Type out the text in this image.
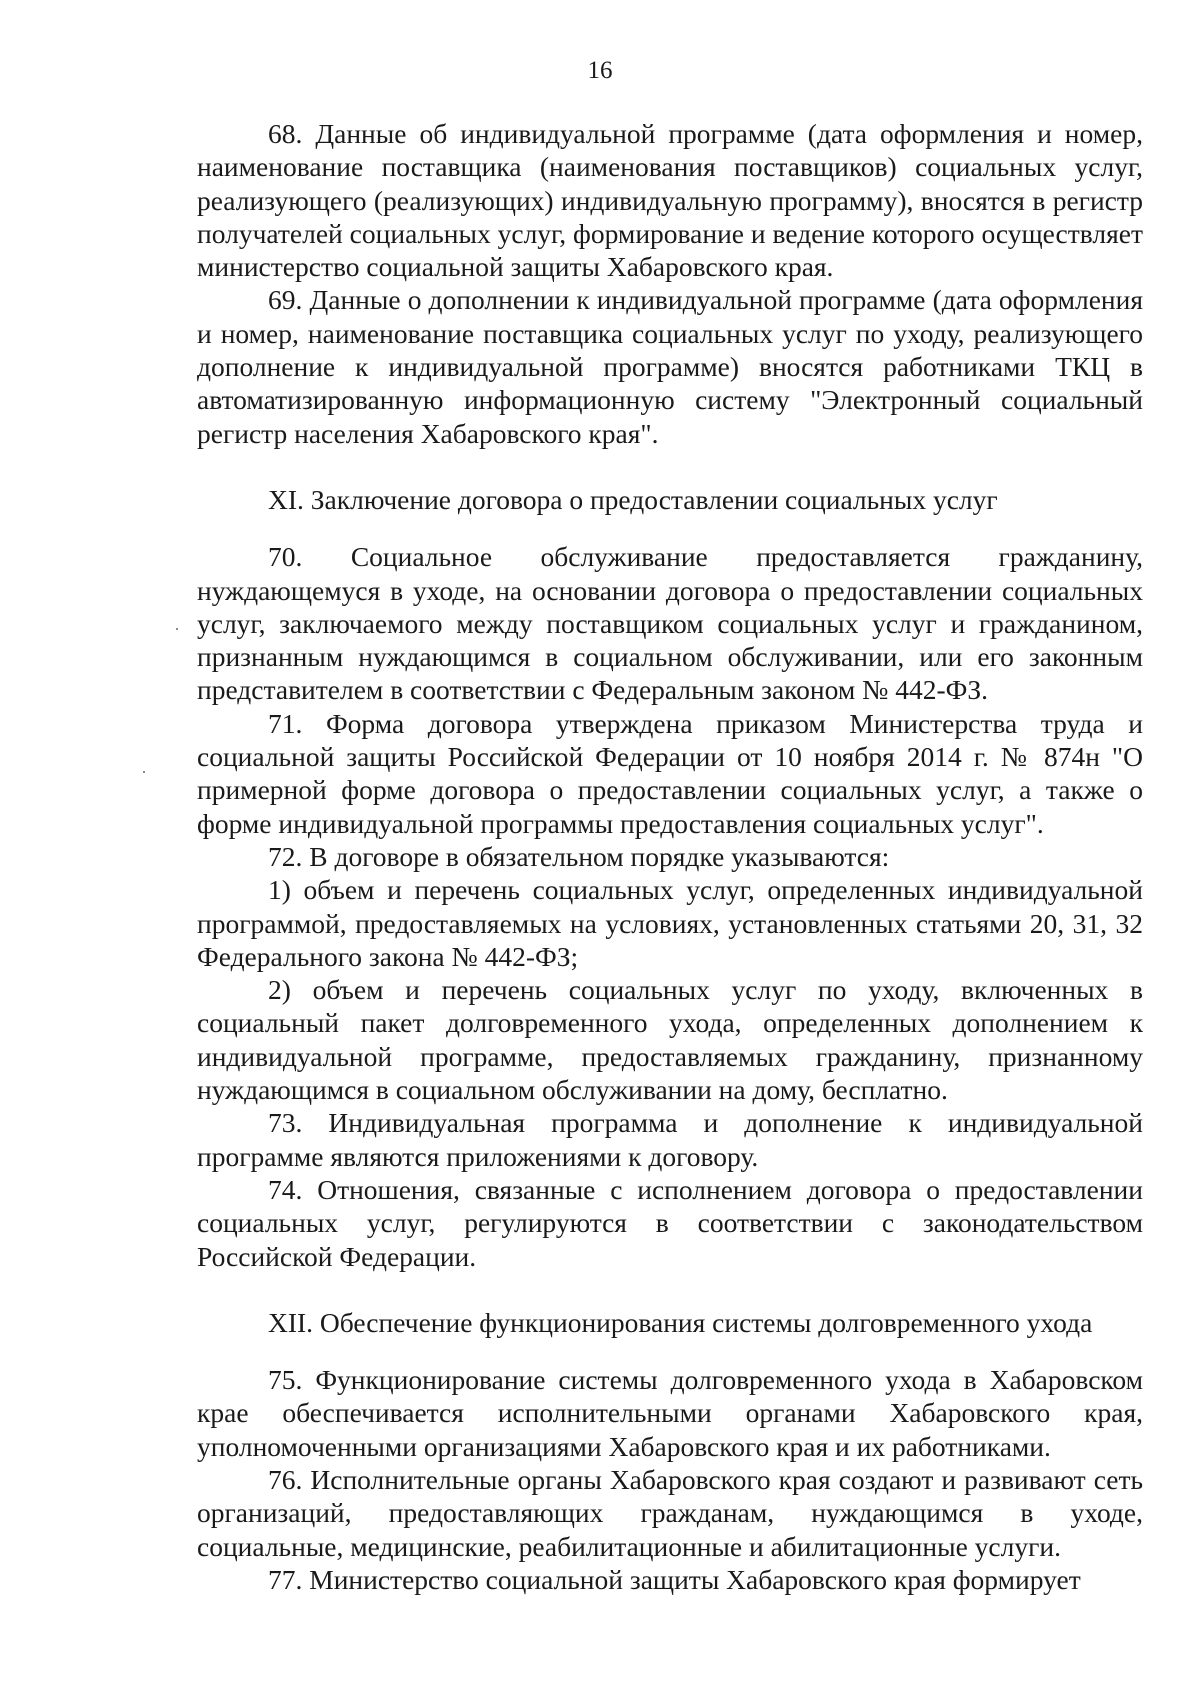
16

68. Данные об индивидуальной программе (дата оформления и номер, наименование поставщика (наименования поставщиков) социальных услуг, реализующего (реализующих) индивидуальную программу), вносятся в регистр получателей социальных услуг, формирование и ведение которого осуществляет министерство социальной защиты Хабаровского края.

69. Данные о дополнении к индивидуальной программе (дата оформления и номер, наименование поставщика социальных услуг по уходу, реализующего дополнение к индивидуальной программе) вносятся работниками ТКЦ в автоматизированную информационную систему "Электронный социальный регистр населения Хабаровского края".

XI. Заключение договора о предоставлении социальных услуг

70. Социальное обслуживание предоставляется гражданину, нуждающемуся в уходе, на основании договора о предоставлении социальных услуг, заключаемого между поставщиком социальных услуг и гражданином, признанным нуждающимся в социальном обслуживании, или его законным представителем в соответствии с Федеральным законом № 442-ФЗ.

71. Форма договора утверждена приказом Министерства труда и социальной защиты Российской Федерации от 10 ноября 2014 г. № 874н "О примерной форме договора о предоставлении социальных услуг, а также о форме индивидуальной программы предоставления социальных услуг".

72. В договоре в обязательном порядке указываются:

1) объем и перечень социальных услуг, определенных индивидуальной программой, предоставляемых на условиях, установленных статьями 20, 31, 32 Федерального закона № 442-ФЗ;

2) объем и перечень социальных услуг по уходу, включенных в социальный пакет долговременного ухода, определенных дополнением к индивидуальной программе, предоставляемых гражданину, признанному нуждающимся в социальном обслуживании на дому, бесплатно.

73. Индивидуальная программа и дополнение к индивидуальной программе являются приложениями к договору.

74. Отношения, связанные с исполнением договора о предоставлении социальных услуг, регулируются в соответствии с законодательством Российской Федерации.

XII. Обеспечение функционирования системы долговременного ухода

75. Функционирование системы долговременного ухода в Хабаровском крае обеспечивается исполнительными органами Хабаровского края, уполномоченными организациями Хабаровского края и их работниками.

76. Исполнительные органы Хабаровского края создают и развивают сеть организаций, предоставляющих гражданам, нуждающимся в уходе, социальные, медицинские, реабилитационные и абилитационные услуги.

77. Министерство социальной защиты Хабаровского края формирует
